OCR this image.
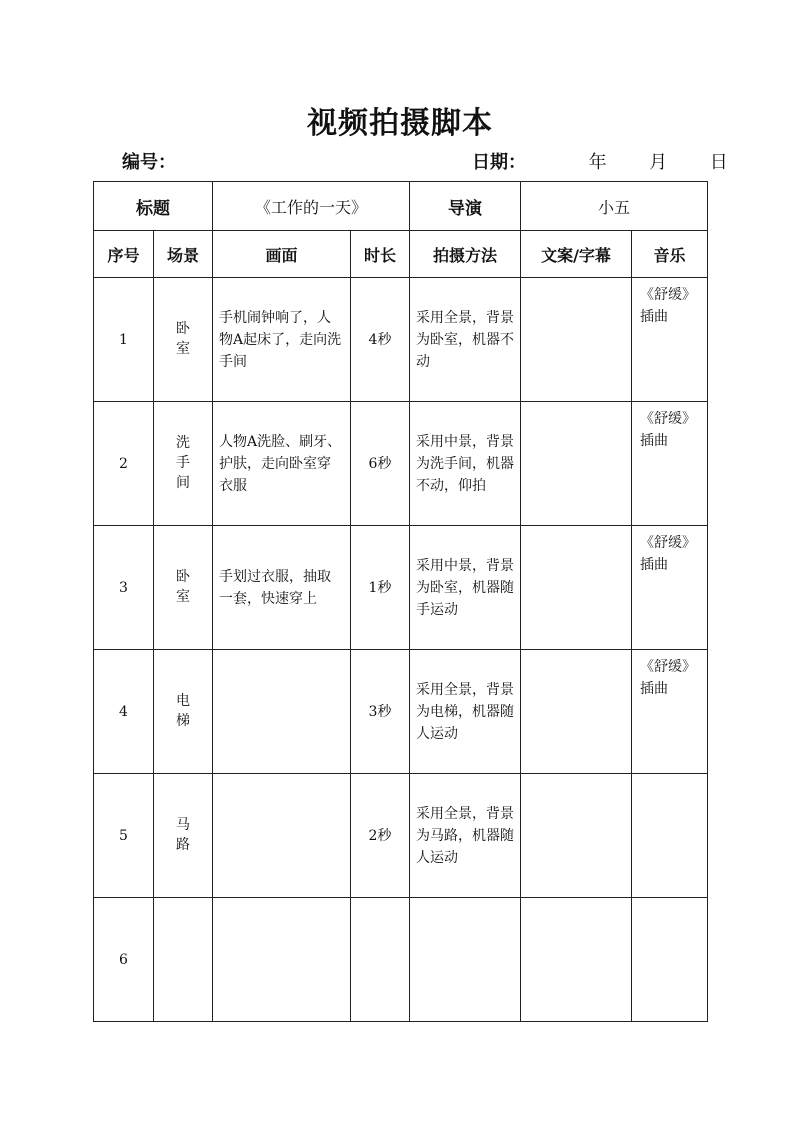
视频拍摄脚本
编号：	日期：	年 月 日
标题		《工作的一天》		导演	小五	
序号	场景	画面	时长	拍摄方法	文案/字幕	音乐
1	卧室	手机闹钟响了，人物A起床了，走向洗手间	4秒	采用全景，背景为卧室，机器不动		《舒缓》插曲
2	洗手间	人物A洗脸、刷牙、护肤，走向卧室穿衣服	6秒	采用中景，背景为洗手间，机器不动，仰拍		《舒缓》插曲
3	卧室	手划过衣服，抽取一套，快速穿上	1秒	采用中景，背景为卧室，机器随手运动		《舒缓》插曲
4	电梯		3秒	采用全景，背景为电梯，机器随人运动		《舒缓》插曲
5	马路		2秒	采用全景，背景为马路，机器随人运动		
6						
